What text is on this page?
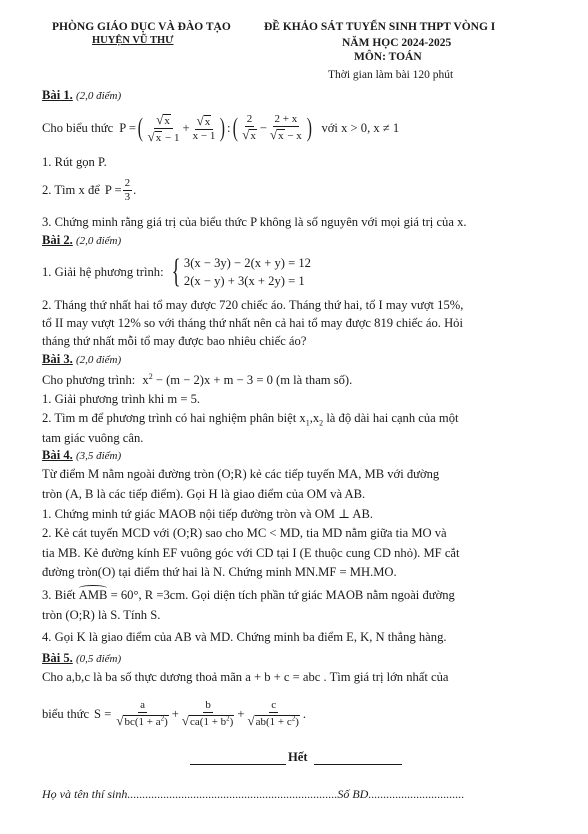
PHÒNG GIÁO DỤC VÀ ĐÀO TẠO
HUYỆN VŨ THƯ
ĐỀ KHẢO SÁT TUYỂN SINH THPT VÒNG I
NĂM HỌC 2024-2025
MÔN: TOÁN
Thời gian làm bài 120 phút
Bài 1. (2,0 điểm)
Cho biểu thức P = ( $\frac{√x}{√x - 1} + \frac{√x}{x - 1}$ ) : ( $\frac{2}{√x} - \frac{2 + x}{√x - x}$ ) với x > 0, x ≠ 1
1. Rút gọn P.
2. Tìm x để $P = \frac{2}{3}$ .
3. Chứng minh rằng giá trị của biểu thức P không là số nguyên với mọi giá trị của x.
Bài 2. (2,0 điểm)
1. Giải hệ phương trình: { 3(x − 3y) − 2(x + y) = 12
2(x − y) + 3(x + 2y) = 1
2. Tháng thứ nhất hai tổ may được 720 chiếc áo. Tháng thứ hai, tổ I may vượt 15%,
tổ II may vượt 12% so với tháng thứ nhất nên cả hai tổ may được 819 chiếc áo. Hỏi
tháng thứ nhất mỗi tổ may được bao nhiêu chiếc áo?
Bài 3. (2,0 điểm)
Cho phương trình: $x^2 - (m - 2)x + m - 3 = 0$ (m là tham số).
1. Giải phương trình khi m = 5.
2. Tìm m để phương trình có hai nghiệm phân biệt $x_1,x_2$ là độ dài hai cạnh của một
tam giác vuông cân.
Bài 4. (3,5 điểm)
Từ điểm M nằm ngoài đường tròn (O;R) kẻ các tiếp tuyến MA, MB với đường
tròn (A, B là các tiếp điểm). Gọi H là giao điểm của OM và AB.
1. Chứng minh tứ giác MAOB nội tiếp đường tròn và OM ⊥ AB.
2. Kẻ cát tuyến MCD với (O;R) sao cho MC < MD, tia MD nằm giữa tia MO và
tia MB. Kẻ đường kính EF vuông góc với CD tại I (E thuộc cung CD nhỏ). MF cắt
đường tròn(O) tại điểm thứ hai là N. Chứng minh MN.MF = MH.MO.
3. Biết AMB = 60°, R =3cm. Gọi diện tích phần tứ giác MAOB nằm ngoài đường
tròn (O;R) là S. Tính S.
4. Gọi K là giao điểm của AB và MD. Chứng minh ba điểm E, K, N thẳng hàng.
Bài 5. (0,5 điểm)
Cho a,b,c là ba số thực dương thoả mãn a + b + c = abc . Tìm giá trị lớn nhất của
biểu thức $S = \frac{a}{√bc(1 + a^2)} + \frac{b}{√ca(1 + b^2)} + \frac{c}{√ab(1 + c^2)}$ .
Hết
Họ và tên thí sinh......................................................................Số BD................................
